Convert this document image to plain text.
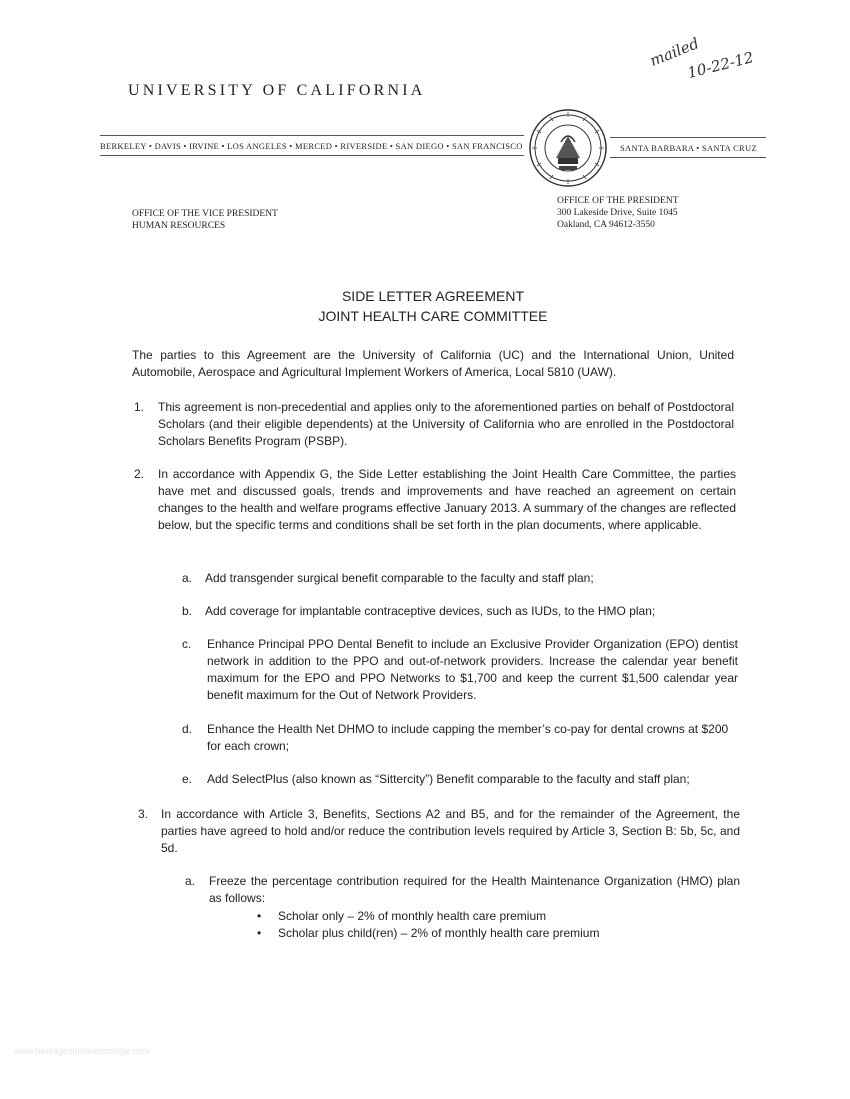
UNIVERSITY OF CALIFORNIA
mailed
10-22-12
BERKELEY • DAVIS • IRVINE • LOS ANGELES • MERCED • RIVERSIDE • SAN DIEGO • SAN FRANCISCO	SANTA BARBARA • SANTA CRUZ
OFFICE OF THE VICE PRESIDENT
HUMAN RESOURCES
OFFICE OF THE PRESIDENT
300 Lakeside Drive, Suite 1045
Oakland, CA 94612-3550
SIDE LETTER AGREEMENT
JOINT HEALTH CARE COMMITTEE
The parties to this Agreement are the University of California (UC) and the International Union, United Automobile, Aerospace and Agricultural Implement Workers of America, Local 5810 (UAW).
1. This agreement is non-precedential and applies only to the aforementioned parties on behalf of Postdoctoral Scholars (and their eligible dependents) at the University of California who are enrolled in the Postdoctoral Scholars Benefits Program (PSBP).
2. In accordance with Appendix G, the Side Letter establishing the Joint Health Care Committee, the parties have met and discussed goals, trends and improvements and have reached an agreement on certain changes to the health and welfare programs effective January 2013. A summary of the changes are reflected below, but the specific terms and conditions shall be set forth in the plan documents, where applicable.
a. Add transgender surgical benefit comparable to the faculty and staff plan;
b. Add coverage for implantable contraceptive devices, such as IUDs, to the HMO plan;
c. Enhance Principal PPO Dental Benefit to include an Exclusive Provider Organization (EPO) dentist network in addition to the PPO and out-of-network providers. Increase the calendar year benefit maximum for the EPO and PPO Networks to $1,700 and keep the current $1,500 calendar year benefit maximum for the Out of Network Providers.
d. Enhance the Health Net DHMO to include capping the member’s co-pay for dental crowns at $200 for each crown;
e. Add SelectPlus (also known as “Sittercity”) Benefit comparable to the faculty and staff plan;
3. In accordance with Article 3, Benefits, Sections A2 and B5, and for the remainder of the Agreement, the parties have agreed to hold and/or reduce the contribution levels required by Article 3, Section B: 5b, 5c, and 5d.
a. Freeze the percentage contribution required for the Health Maintenance Organization (HMO) plan as follows:
• Scholar only – 2% of monthly health care premium
• Scholar plus child(ren) – 2% of monthly health care premium
www.heritagechristiancollege.com
